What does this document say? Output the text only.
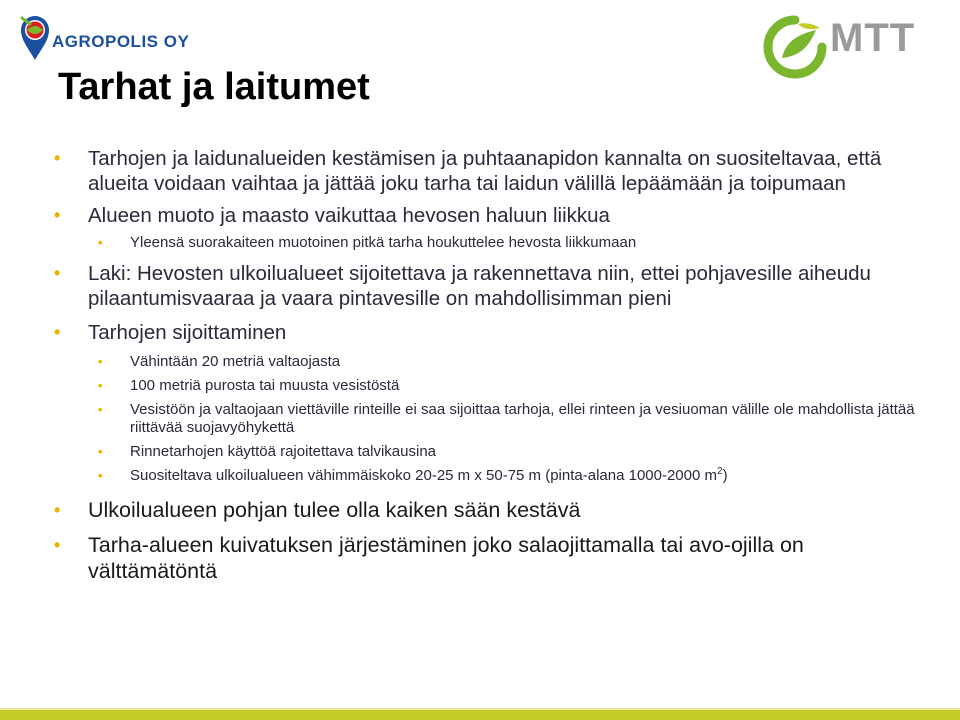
AGROPOLIS OY	MTT
Tarhat ja laitumet

• Tarhojen ja laidunalueiden kestämisen ja puhtaanapidon kannalta on suositeltavaa, että alueita voidaan vaihtaa ja jättää joku tarha tai laidun välillä lepäämään ja toipumaan

• Alueen muoto ja maasto vaikuttaa hevosen haluun liikkua

• Yleensä suorakaiteen muotoinen pitkä tarha houkuttelee hevosta liikkumaan

• Laki: Hevosten ulkoilualueet sijoitettava ja rakennettava niin, ettei pohjavesille aiheudu pilaantumisvaaraa ja vaara pintavesille on mahdollisimman pieni

• Tarhojen sijoittaminen

• Vähintään 20 metriä valtaojasta

• 100 metriä purosta tai muusta vesistöstä

• Vesistöön ja valtaojaan viettäville rinteille ei saa sijoittaa tarhoja, ellei rinteen ja vesiuoman välille ole mahdollista jättää riittävää suojavyöhykettä

• Rinnetarhojen käyttöä rajoitettava talvikausina

• Suositeltava ulkoilualueen vähimmäiskoko 20-25 m x 50-75 m (pinta-alana 1000-2000 $m^2$)

• Ulkoilualueen pohjan tulee olla kaiken sään kestävä

• Tarha-alueen kuivatuksen järjestäminen joko salaojittamalla tai avo-ojilla on välttämätöntä
